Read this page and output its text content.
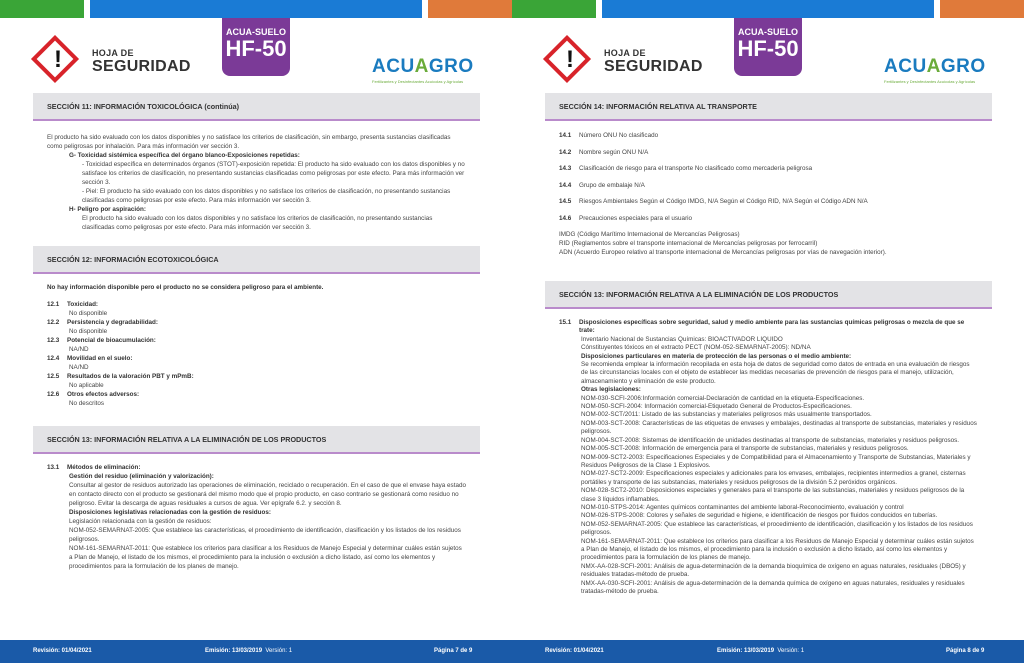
!	HOJA DE
SEGURIDAD
ACUA-SUELO
HF-50
ACUAGRO
Fertilizantes y Desinfectantes Acuícolas y Agrícolas
SECCIÓN 11: INFORMACIÓN TOXICOLÓGICA (continúa)

El producto ha sido evaluado con los datos disponibles y no satisface los criterios de clasificación, sin embargo, presenta sustancias clasificadas como peligrosas por inhalación. Para más información ver sección 3.

G- Toxicidad sistémica específica del órgano blanco-Exposiciones repetidas:

- Toxicidad específica en determinados órganos (STOT)-exposición repetida: El producto ha sido evaluado con los datos disponibles y no satisface los criterios de clasificación, no presentando sustancias clasificadas como peligrosas por este efecto. Para más información ver sección 3.

- Piel: El producto ha sido evaluado con los datos disponibles y no satisface los criterios de clasificación, no presentando sustancias clasificadas como peligrosas por este efecto. Para más información ver sección 3.

H- Peligro por aspiración:

El producto ha sido evaluado con los datos disponibles y no satisface los criterios de clasificación, no presentando sustancias clasificadas como peligrosas por este efecto. Para más información ver sección 3.

SECCIÓN 12: INFORMACIÓN ECOTOXICOLÓGICA

No hay información disponible pero el producto no se considera peligroso para el ambiente.

12.1	Toxicidad:

No disponible

12.2	Persistencia y degradabilidad:

No disponible

12.3	Potencial de bioacumulación:

NA/ND

12.4	Movilidad en el suelo:

NA/ND

12.5	Resultados de la valoración PBT y mPmB:

No aplicable

12.6	Otros efectos adversos:

No descritos

SECCIÓN 13: INFORMACIÓN RELATIVA A LA ELIMINACIÓN DE LOS PRODUCTOS
13.1	Métodos de eliminación:

Gestión del residuo (eliminación y valorización):

Consultar al gestor de residuos autorizado las operaciones de eliminación, reciclado o recuperación. En el caso de que el envase haya estado en contacto directo con el producto se gestionará del mismo modo que el propio producto, en caso contrario se gestionará como residuo no peligroso. Evitar la descarga de aguas residuales a cursos de agua. Ver epígrafe 6.2. y sección 8.

Disposiciones legislativas relacionadas con la gestión de residuos:

Legislación relacionada con la gestión de residuos:

NOM-052-SEMARNAT-2005: Que establece las características, el procedimiento de identificación, clasificación y los listados de los residuos peligrosos.

NOM-161-SEMARNAT-2011: Que establece los criterios para clasificar a los Residuos de Manejo Especial y determinar cuáles están sujetos a Plan de Manejo, el listado de los mismos, el procedimiento para la inclusión o exclusión a dicho listado, así como los elementos y procedimientos para la formulación de los planes de manejo.

!	HOJA DE
SEGURIDAD
ACUA-SUELO
HF-50
ACUAGRO
Fertilizantes y Desinfectantes Acuícolas y Agrícolas
SECCIÓN 14: INFORMACIÓN RELATIVA AL TRANSPORTE
14.1	Número ONU No clasificado
14.2	Nombre según ONU N/A
14.3	Clasificación de riesgo para el transporte No clasificado como mercadería peligrosa
14.4	Grupo de embalaje N/A
14.5	Riesgos Ambientales Según el Código IMDG, N/A Según el Código RID, N/A Según el Código ADN N/A
14.6	Precauciones especiales para el usuario

IMDG (Código Marítimo Internacional de Mercancías Peligrosas)

RID (Reglamentos sobre el transporte internacional de Mercancías peligrosas por ferrocarril)

ADN (Acuerdo Europeo relativo al transporte internacional de Mercancías peligrosas por vías de navegación interior).

SECCIÓN 13: INFORMACIÓN RELATIVA A LA ELIMINACIÓN DE LOS PRODUCTOS
15.1	Disposiciones específicas sobre seguridad, salud y medio ambiente para las sustancias químicas peligrosas o mezcla de que se trate:

Inventario Nacional de Sustancias Químicas: BIOACTIVADOR LIQUIDO

Cónstituyentes tóxicos en el extracto PECT (NOM-052-SEMARNAT-2005): ND/NA

Disposiciones particulares en materia de protección de las personas o el medio ambiente:

Se recomienda emplear la información recopilada en esta hoja de datos de seguridad como datos de entrada en una evaluación de riesgos de las circunstancias locales con el objeto de establecer las medidas necesarias de prevención de riesgos para el manejo, utilización, almacenamiento y eliminación de este producto.

Otras legislaciones:

NOM-030-SCFI-2006:Información comercial-Declaración de cantidad en la etiqueta-Especificaciones.

NOM-050-SCFI-2004: Información comercial-Etiquetado General de Productos-Especificaciones.

NOM-002-SCT/2011: Listado de las substancias y materiales peligrosos más usualmente transportados.

NOM-003-SCT-2008: Características de las etiquetas de envases y embalajes, destinadas al transporte de substancias, materiales y residuos peligrosos.

NOM-004-SCT-2008: Sistemas de identificación de unidades destinadas al transporte de substancias, materiales y residuos peligrosos.

NOM-005-SCT-2008: Información de emergencia para el transporte de substancias, materiales y residuos peligrosos.

NOM-009-SCT2-2003: Especificaciones Especiales y de Compatibilidad para el Almacenamiento y Transporte de Substancias, Materiales y Residuos Peligrosos de la Clase 1 Explosivos.

NOM-027-SCT2-2009: Especificaciones especiales y adicionales para los envases, embalajes, recipientes intermedios a granel, cisternas portátiles y transporte de las substancias, materiales y residuos peligrosos de la división 5.2 peróxidos orgánicos.

NOM-028-SCT2-2010: Disposiciones especiales y generales para el transporte de las substancias, materiales y residuos peligrosos de la clase 3 líquidos inflamables.

NOM-010-STPS-2014: Agentes químicos contaminantes del ambiente laboral-Reconocimiento, evaluación y control

NOM-026-STPS-2008: Colores y señales de seguridad e higiene, e identificación de riesgos por fluidos conducidos en tuberías.

NOM-052-SEMARNAT-2005: Que establece las características, el procedimiento de identificación, clasificación y los listados de los residuos peligrosos.

NOM-161-SEMARNAT-2011: Que establece los criterios para clasificar a los Residuos de Manejo Especial y determinar cuáles están sujetos a Plan de Manejo, el listado de los mismos, el procedimiento para la inclusión o exclusión a dicho listado, así como los elementos y procedimientos para la formulación de los planes de manejo.

NMX-AA-028-SCFI-2001: Análisis de agua-determinación de la demanda bioquímica de oxígeno en aguas naturales, residuales (DBO5) y residuales tratadas-método de prueba.

NMX-AA-030-SCFI-2001: Análisis de agua-determinación de la demanda química de oxígeno en aguas naturales, residuales y residuales tratadas-método de prueba.

Revisión: 01/04/2021	Emisión: 13/03/2019 Versión: 1	Página 7 de 9	Revisión: 01/04/2021	Emisión: 13/03/2019 Versión: 1	Página 8 de 9
